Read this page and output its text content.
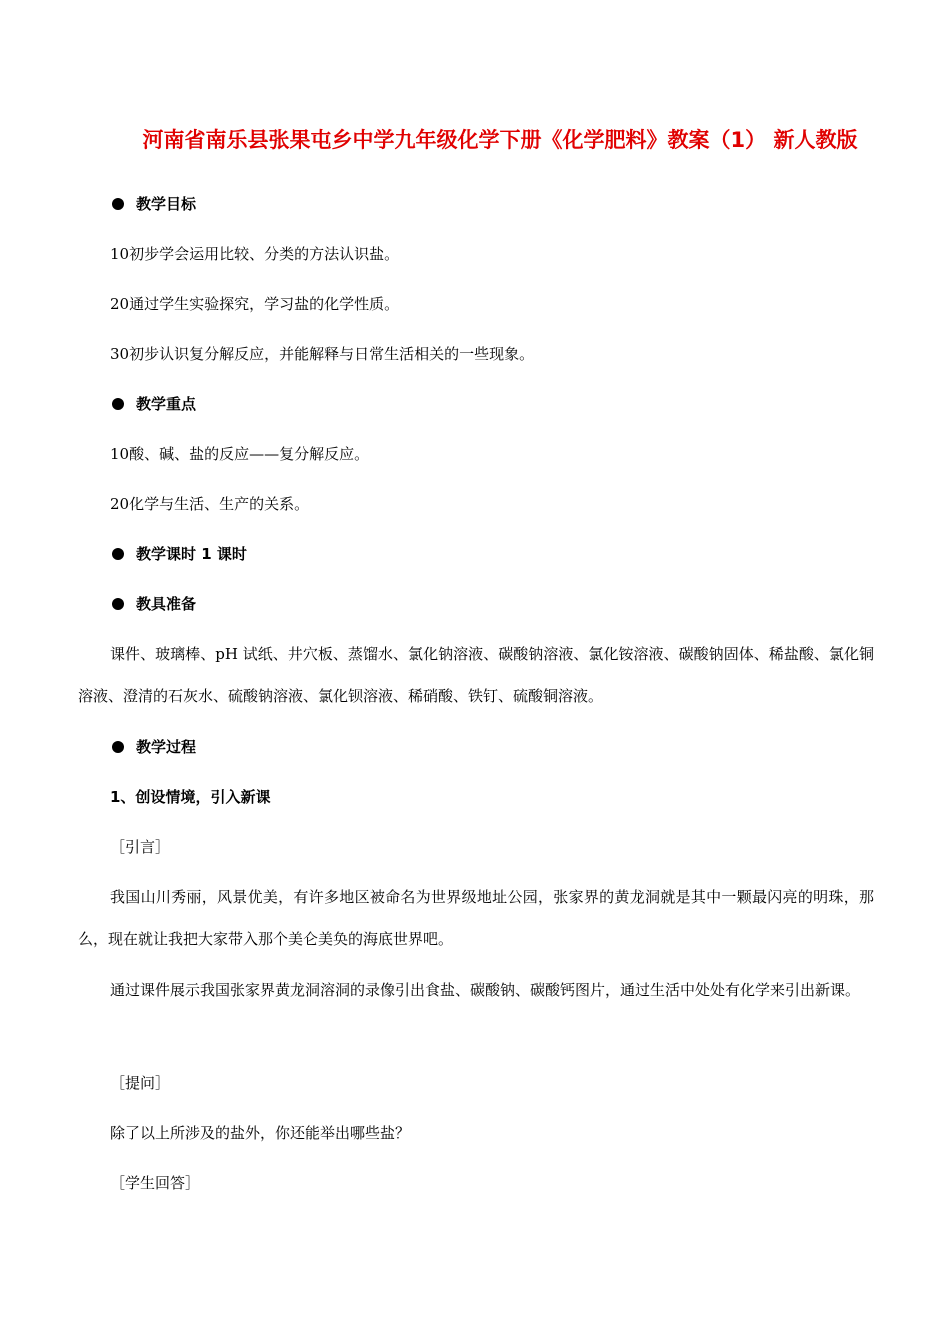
河南省南乐县张果屯乡中学九年级化学下册《化学肥料》教案（1） 新人教版
教学目标
10初步学会运用比较、分类的方法认识盐。
20通过学生实验探究，学习盐的化学性质。
30初步认识复分解反应，并能解释与日常生活相关的一些现象。
教学重点
10酸、碱、盐的反应——复分解反应。
20化学与生活、生产的关系。
教学课时 1 课时
教具准备
课件、玻璃棒、pH 试纸、井穴板、蒸馏水、氯化钠溶液、碳酸钠溶液、氯化铵溶液、碳酸钠固体、稀盐酸、氯化铜溶液、澄清的石灰水、硫酸钠溶液、氯化钡溶液、稀硝酸、铁钉、硫酸铜溶液。
教学过程
1、创设情境，引入新课
［引言］
我国山川秀丽，风景优美，有许多地区被命名为世界级地址公园，张家界的黄龙洞就是其中一颗最闪亮的明珠，那么，现在就让我把大家带入那个美仑美奂的海底世界吧。
通过课件展示我国张家界黄龙洞溶洞的录像引出食盐、碳酸钠、碳酸钙图片，通过生活中处处有化学来引出新课。
［提问］
除了以上所涉及的盐外，你还能举出哪些盐？
［学生回答］
